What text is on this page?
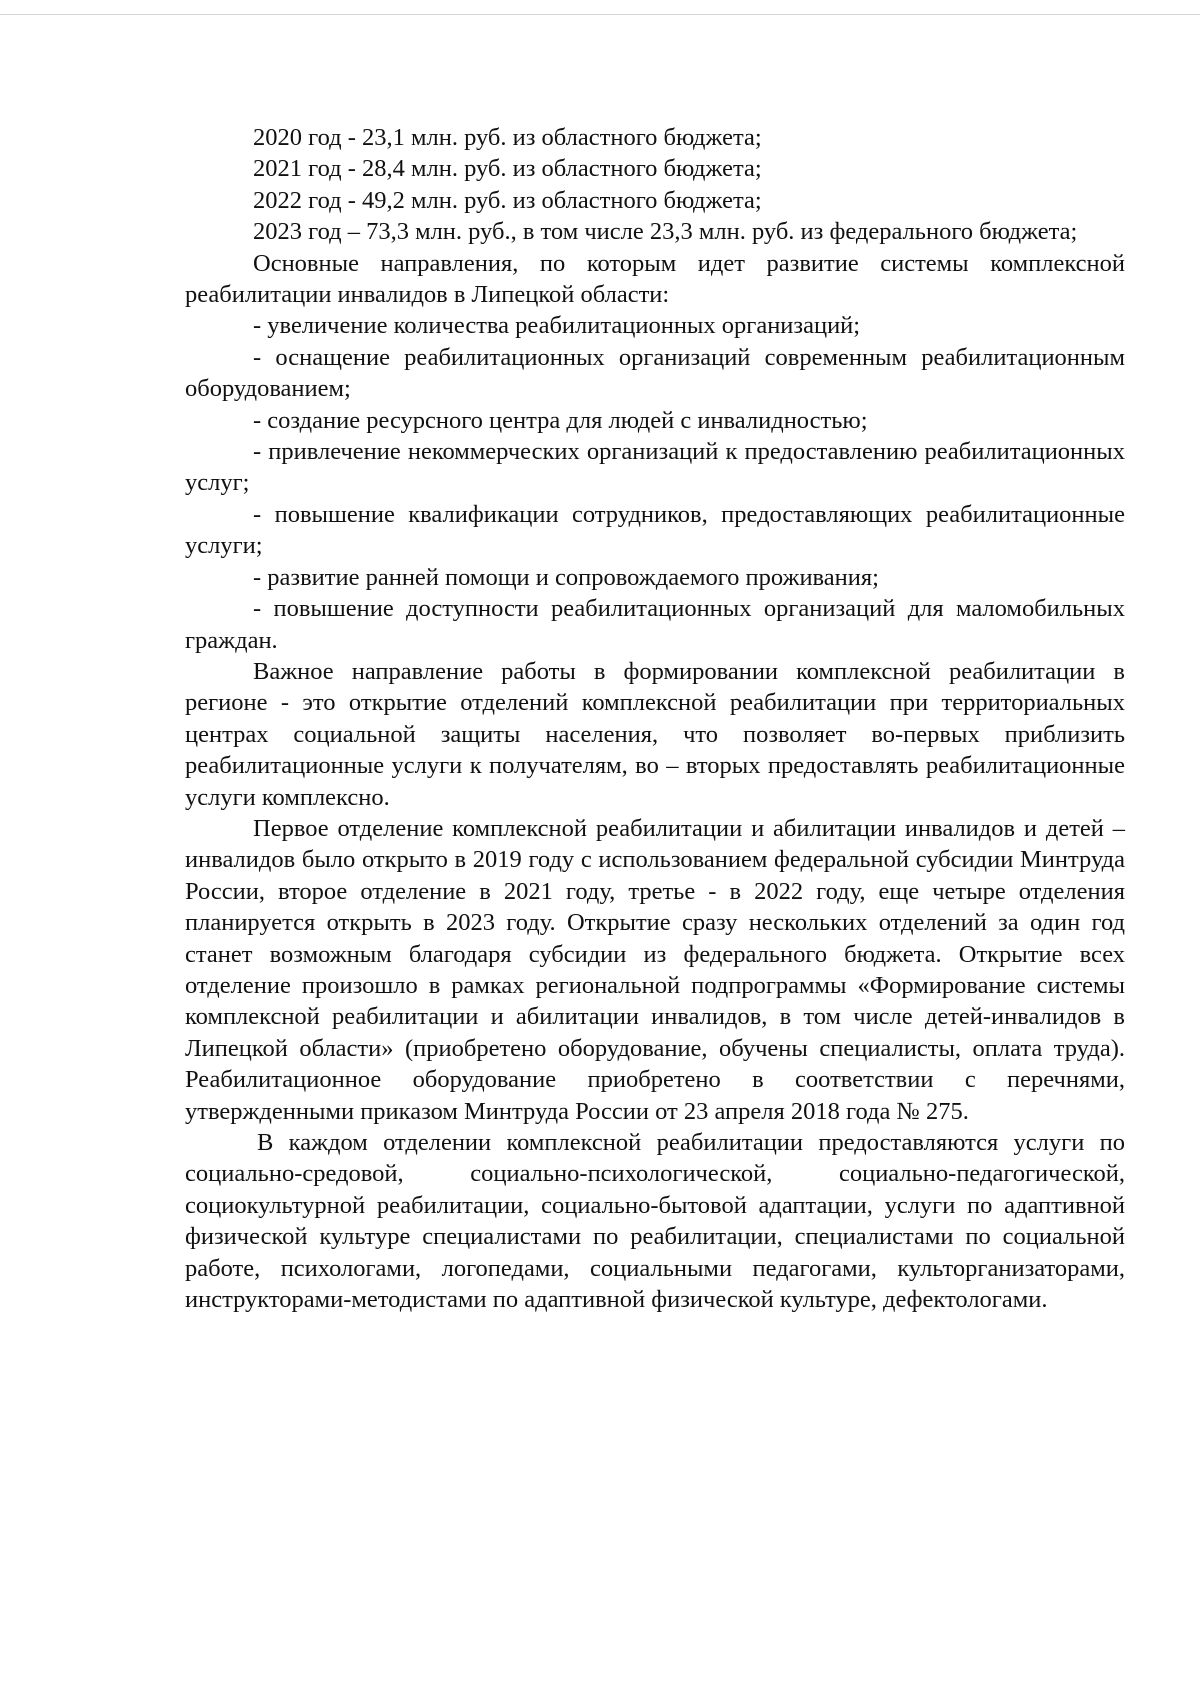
2020 год - 23,1 млн. руб. из областного бюджета;

2021 год - 28,4 млн. руб. из областного бюджета;

2022 год - 49,2 млн. руб. из областного бюджета;

2023 год – 73,3 млн. руб., в том числе 23,3 млн. руб. из федерального бюджета;

Основные направления, по которым идет развитие системы комплексной реабилитации инвалидов в Липецкой области:

- увеличение количества реабилитационных организаций;

- оснащение реабилитационных организаций современным реабилитационным оборудованием;

- создание ресурсного центра для людей с инвалидностью;

- привлечение некоммерческих организаций к предоставлению реабилитационных услуг;

- повышение квалификации сотрудников, предоставляющих реабилитационные услуги;

- развитие ранней помощи и сопровождаемого проживания;

- повышение доступности реабилитационных организаций для маломобильных граждан.

Важное направление работы в формировании комплексной реабилитации в регионе - это открытие отделений комплексной реабилитации при территориальных центрах социальной защиты населения, что позволяет во-первых приблизить реабилитационные услуги к получателям, во – вторых предоставлять реабилитационные услуги комплексно.

Первое отделение комплексной реабилитации и абилитации инвалидов и детей – инвалидов было открыто в 2019 году с использованием федеральной субсидии Минтруда России, второе отделение в 2021 году, третье - в 2022 году, еще четыре отделения планируется открыть в 2023 году. Открытие сразу нескольких отделений за один год станет возможным благодаря субсидии из федерального бюджета. Открытие всех отделение произошло в рамках региональной подпрограммы «Формирование системы комплексной реабилитации и абилитации инвалидов, в том числе детей-инвалидов в Липецкой области» (приобретено оборудование, обучены специалисты, оплата труда). Реабилитационное оборудование приобретено в соответствии с перечнями, утвержденными приказом Минтруда России от 23 апреля 2018 года № 275.

В каждом отделении комплексной реабилитации предоставляются услуги по социально-средовой, социально-психологической, социально-педагогической, социокультурной реабилитации, социально-бытовой адаптации, услуги по адаптивной физической культуре специалистами по реабилитации, специалистами по социальной работе, психологами, логопедами, социальными педагогами, культорганизаторами, инструкторами-методистами по адаптивной физической культуре, дефектологами.
